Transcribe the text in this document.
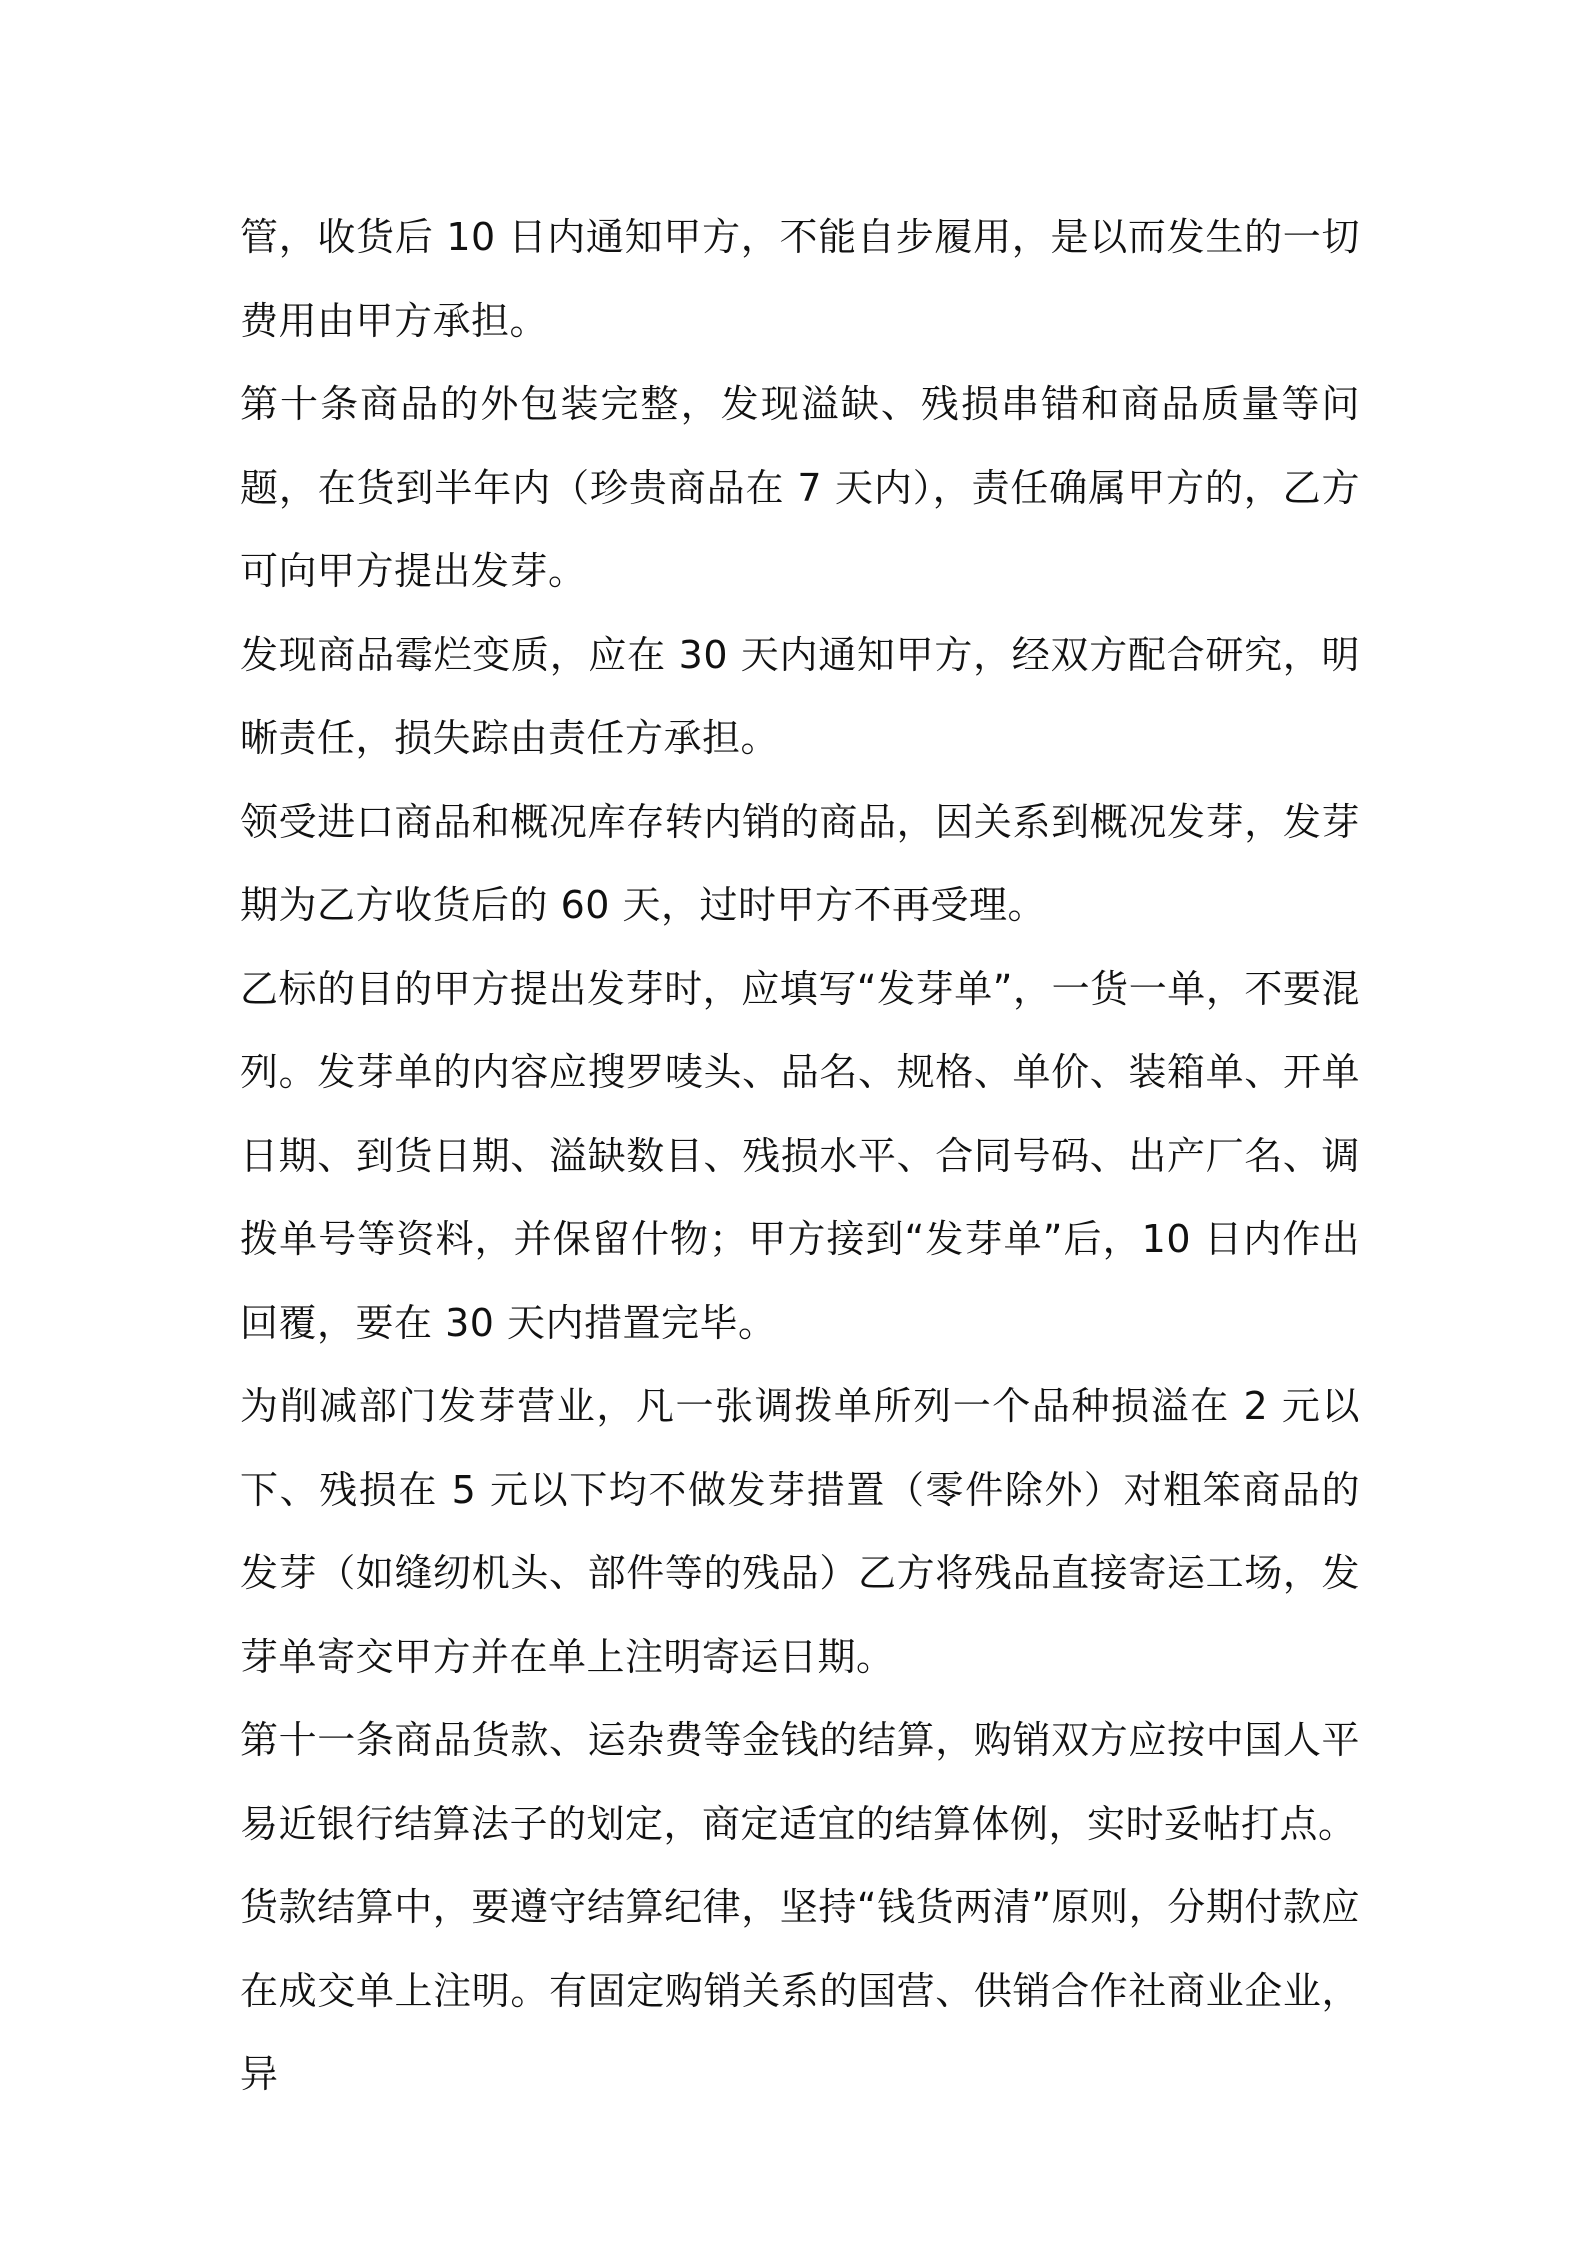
管，收货后 10 日内通知甲方，不能自步履用，是以而发生的一切费用由甲方承担。

第十条商品的外包装完整，发现溢缺、残损串错和商品质量等问题，在货到半年内（珍贵商品在 7 天内），责任确属甲方的，乙方可向甲方提出发芽。

发现商品霉烂变质，应在 30 天内通知甲方，经双方配合研究，明晰责任，损失踪由责任方承担。

领受进口商品和概况库存转内销的商品，因关系到概况发芽，发芽期为乙方收货后的 60 天，过时甲方不再受理。

乙标的目的甲方提出发芽时，应填写“发芽单”，一货一单，不要混列。发芽单的内容应搜罗唛头、品名、规格、单价、装箱单、开单日期、到货日期、溢缺数目、残损水平、合同号码、出产厂名、调拨单号等资料，并保留什物；甲方接到“发芽单”后，10 日内作出回覆，要在 30 天内措置完毕。

为削减部门发芽营业，凡一张调拨单所列一个品种损溢在 2 元以下、残损在 5 元以下均不做发芽措置（零件除外）对粗笨商品的发芽（如缝纫机头、部件等的残品）乙方将残品直接寄运工场，发芽单寄交甲方并在单上注明寄运日期。

第十一条商品货款、运杂费等金钱的结算，购销双方应按中国人平易近银行结算法子的划定，商定适宜的结算体例，实时妥帖打点。

货款结算中，要遵守结算纪律，坚持“钱货两清”原则，分期付款应在成交单上注明。有固定购销关系的国营、供销合作社商业企业，异
